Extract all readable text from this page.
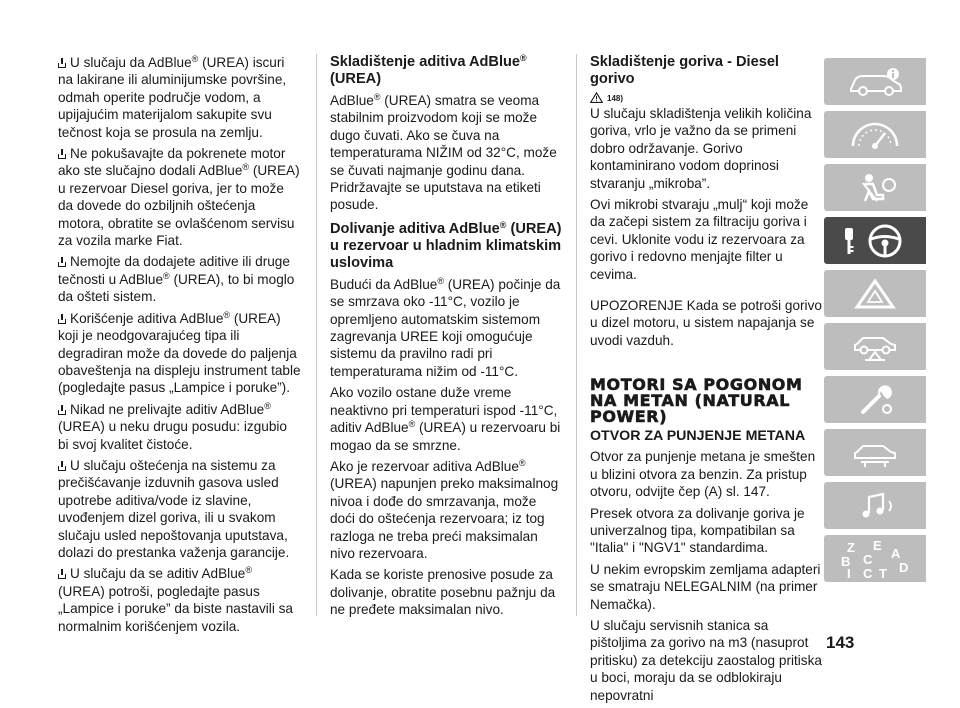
U slučaju da AdBlue® (UREA) iscuri na lakirane ili aluminijumske površine, odmah operite područje vodom, a upijajućim materijalom sakupite svu tečnost koja se prosula na zemlju.

Ne pokušavajte da pokrenete motor ako ste slučajno dodali AdBlue® (UREA) u rezervoar Diesel goriva, jer to može da dovede do ozbiljnih oštećenja motora, obratite se ovlašćenom servisu za vozila marke Fiat.

Nemojte da dodajete aditive ili druge tečnosti u AdBlue® (UREA), to bi moglo da ošteti sistem.

Korišćenje aditiva AdBlue® (UREA) koji je neodgovarajućeg tipa ili degradiran može da dovede do paljenja obaveštenja na displeju instrument table (pogledajte pasus „Lampice i poruke”).

Nikad ne prelivajte aditiv AdBlue® (UREA) u neku drugu posudu: izgubio bi svoj kvalitet čistoće.

U slučaju oštećenja na sistemu za prečišćavanje izduvnih gasova usled upotrebe aditiva/vode iz slavine, uvođenjem dizel goriva, ili u svakom slučaju usled nepoštovanja uputstava, dolazi do prestanka važenja garancije.

U slučaju da se aditiv AdBlue® (UREA) potroši, pogledajte pasus „Lampice i poruke” da biste nastavili sa normalnim korišćenjem vozila.

Skladištenje aditiva AdBlue® (UREA)

AdBlue® (UREA) smatra se veoma stabilnim proizvodom koji se može dugo čuvati. Ako se čuva na temperaturama NIŽIM od 32°C, može se čuvati najmanje godinu dana. Pridržavajte se uputstava na etiketi posude.

Dolivanje aditiva AdBlue® (UREA) u rezervoar u hladnim klimatskim uslovima

Budući da AdBlue® (UREA) počinje da se smrzava oko -11°C, vozilo je opremljeno automatskim sistemom zagrevanja UREE koji omogućuje sistemu da pravilno radi pri temperaturama nižim od -11°C.

Ako vozilo ostane duže vreme neaktivno pri temperaturi ispod -11°C, aditiv AdBlue® (UREA) u rezervoaru bi mogao da se smrzne.

Ako je rezervoar aditiva AdBlue® (UREA) napunjen preko maksimalnog nivoa i dođe do smrzavanja, može doći do oštećenja rezervoara; iz tog razloga ne treba preći maksimalan nivo rezervoara.

Kada se koriste prenosive posude za dolivanje, obratite posebnu pažnju da ne pređete maksimalan nivo.

Skladištenje goriva - Diesel gorivo
148)

U slučaju skladištenja velikih količina goriva, vrlo je važno da se primeni dobro održavanje. Gorivo kontaminirano vodom doprinosi stvaranju „mikroba”.

Ovi mikrobi stvaraju „mulj“ koji može da začepi sistem za filtraciju goriva i cevi. Uklonite vodu iz rezervoara za gorivo i redovno menjajte filter u cevima.

UPOZORENJE Kada se potroši gorivo u dizel motoru, u sistem napajanja se uvodi vazduh.

MOTORI SA POGONOM NA METAN (NATURAL POWER)
OTVOR ZA PUNJENJE METANA

Otvor za punjenje metana je smešten u blizini otvora za benzin. Za pristup otvoru, odvijte čep (A) sl. 147.

Presek otvora za dolivanje goriva je univerzalnog tipa, kompatibilan sa "Italia" i "NGV1" standardima.

U nekim evropskim zemljama adapteri se smatraju NELEGALNIM (na primer Nemačka).

U slučaju servisnih stanica sa pištoljima za gorivo na m3 (nasuprot pritisku) za detekciju zaostalog pritiska u boci, moraju da se odblokiraju nepovratni

Z E
A
B C
D
I C T
143
